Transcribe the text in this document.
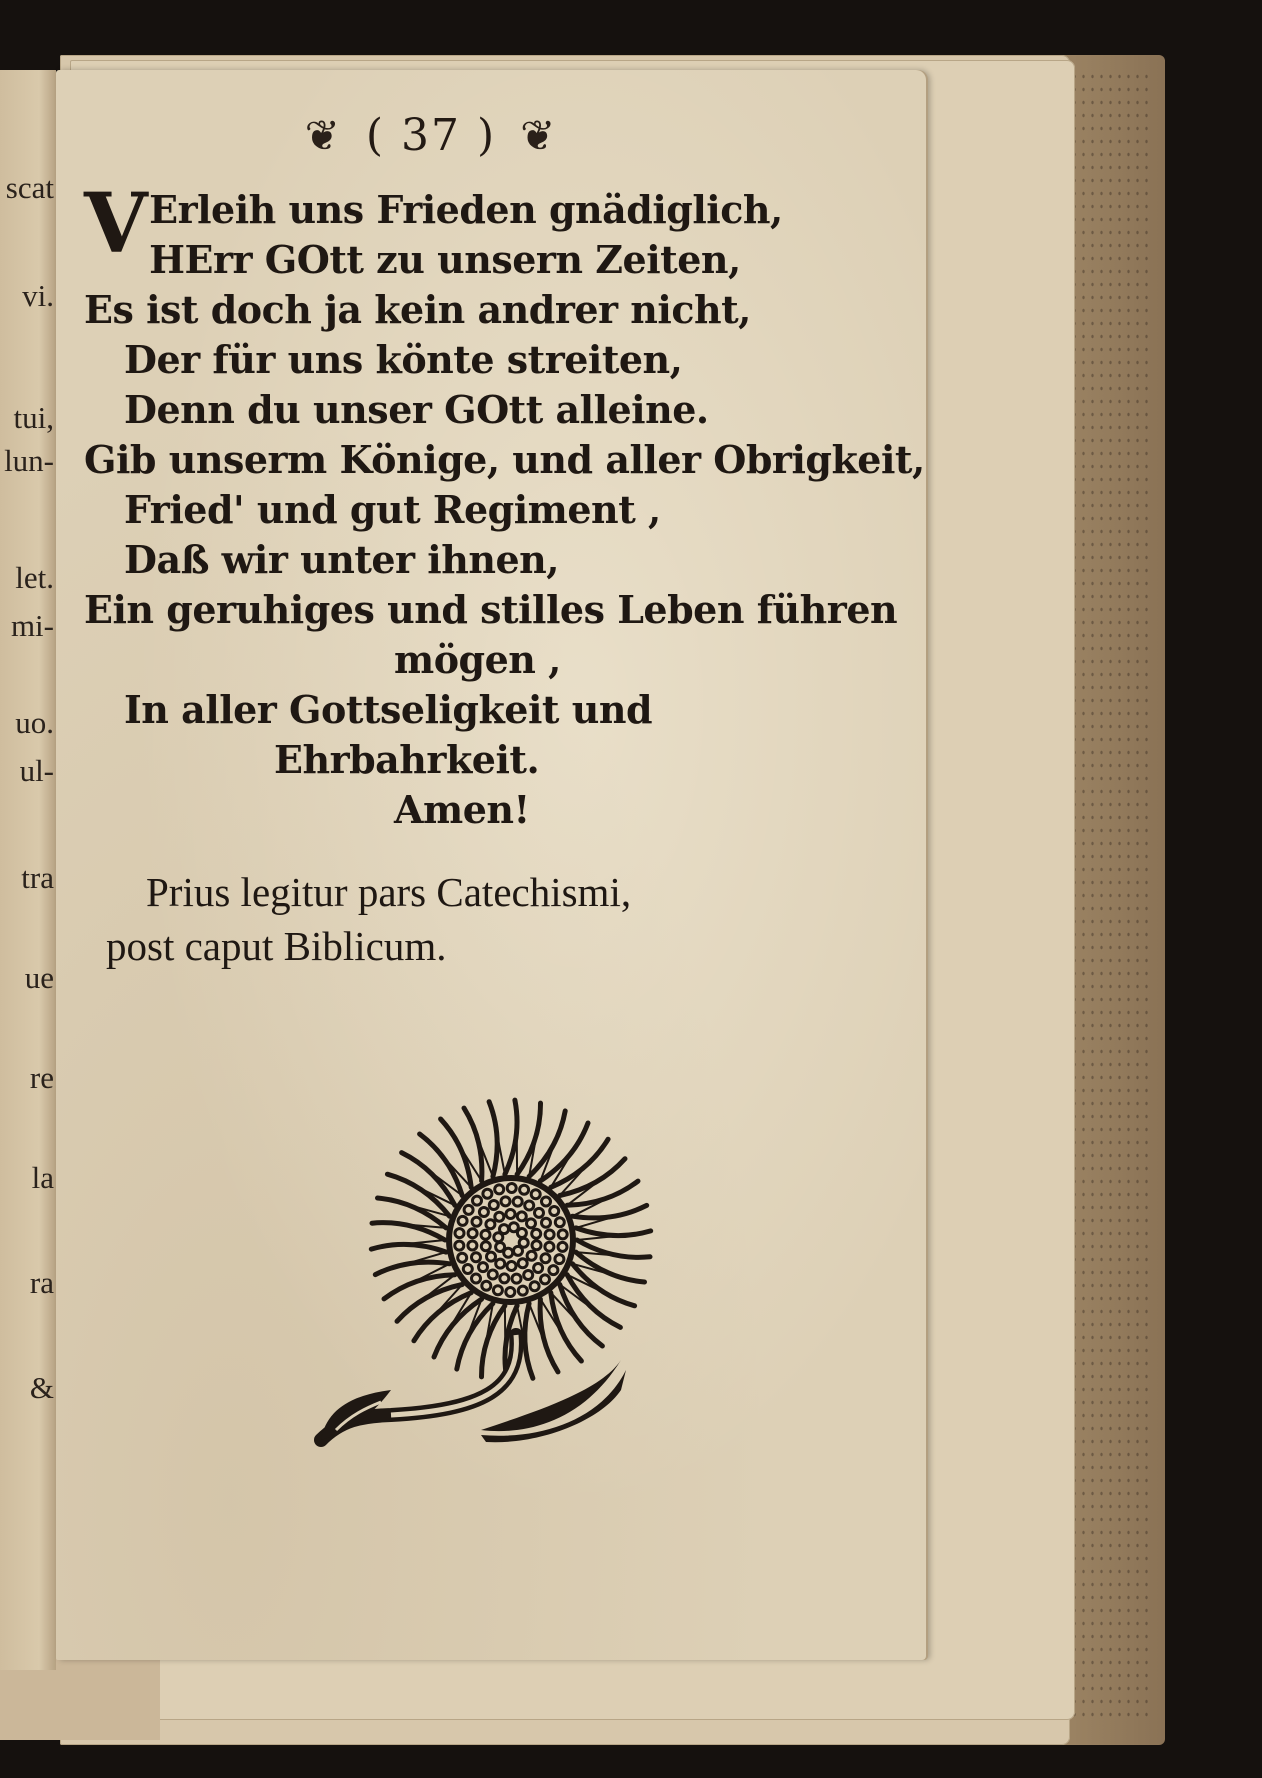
scat
vi.
tui,
lun-
let.
mi-
uo.
ul-
tra
ue
re
la
ra
&
❦ ( 37 ) ❦
V Erleih uns Frieden gnädiglich,
HErr GOtt zu unsern Zeiten,
Es ist doch ja kein andrer nicht,
Der für uns könte streiten,
Denn du unser GOtt alleine.
Gib unserm Könige, und aller Obrigkeit,
Fried' und gut Regiment ,
Daß wir unter ihnen,
Ein geruhiges und stilles Leben führen
mögen ,
In aller Gottseligkeit und
Ehrbahrkeit.
Amen!
Prius legitur pars Catechismi,
post caput Biblicum.
